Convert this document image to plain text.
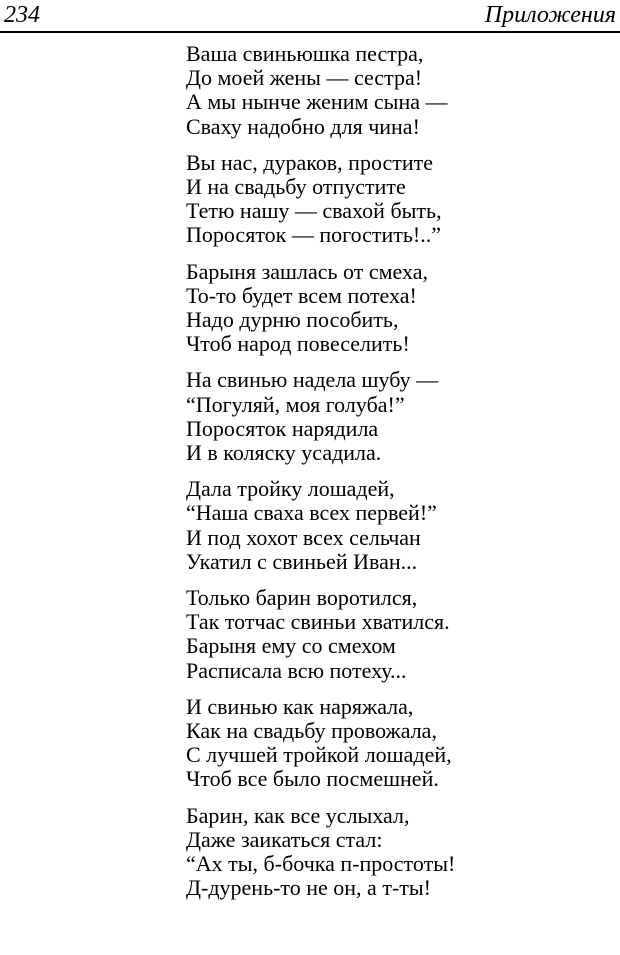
234	Приложения
Ваша свиньюшка пестра,
До моей жены — сестра!
А мы нынче женим сына —
Сваху надобно для чина!
Вы нас, дураков, простите
И на свадьбу отпустите
Тетю нашу — свахой быть,
Поросяток — погостить!..”
Барыня зашлась от смеха,
То-то будет всем потеха!
Надо дурню пособить,
Чтоб народ повеселить!
На свинью надела шубу —
“Погуляй, моя голуба!”
Поросяток нарядила
И в коляску усадила.
Дала тройку лошадей,
“Наша сваха всех первей!”
И под хохот всех сельчан
Укатил с свиньей Иван...
Только барин воротился,
Так тотчас свиньи хватился.
Барыня ему со смехом
Расписала всю потеху...
И свинью как наряжала,
Как на свадьбу провожала,
С лучшей тройкой лошадей,
Чтоб все было посмешней.
Барин, как все услыхал,
Даже заикаться стал:
“Ах ты, б-бочка п-простоты!
Д-дурень-то не он, а т-ты!
